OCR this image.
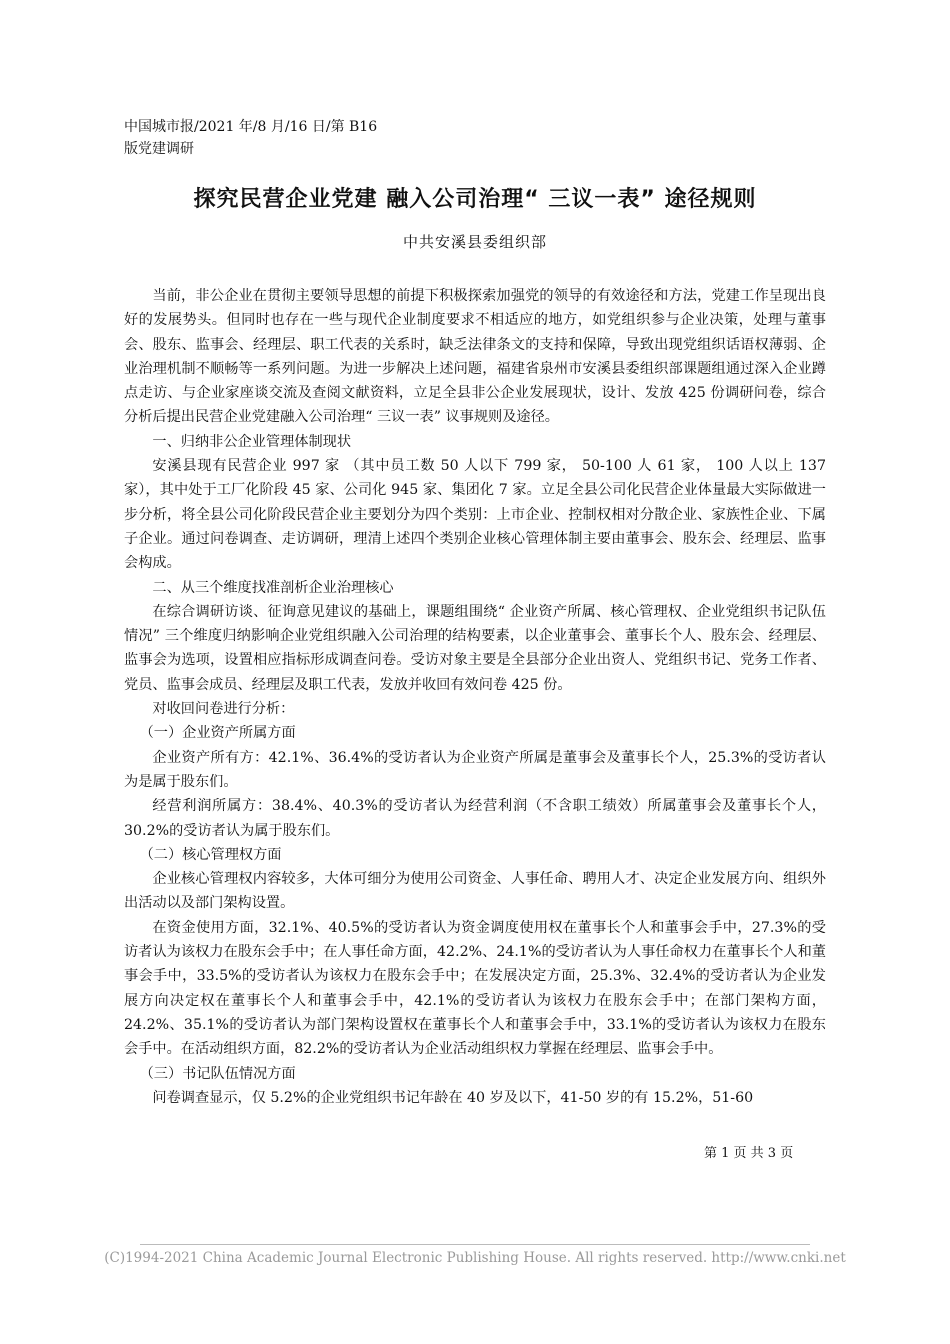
中国城市报/2021 年/8 月/16 日/第 B16
版党建调研
探究民营企业党建 融入公司治理“ 三议一表” 途径规则
中共安溪县委组织部

当前，非公企业在贯彻主要领导思想的前提下积极探索加强党的领导的有效途径和方法，党建工作呈现出良好的发展势头。但同时也存在一些与现代企业制度要求不相适应的地方，如党组织参与企业决策，处理与董事会、股东、监事会、经理层、职工代表的关系时，缺乏法律条文的支持和保障，导致出现党组织话语权薄弱、企业治理机制不顺畅等一系列问题。为进一步解决上述问题，福建省泉州市安溪县委组织部课题组通过深入企业蹲点走访、与企业家座谈交流及查阅文献资料，立足全县非公企业发展现状，设计、发放 425 份调研问卷，综合分析后提出民营企业党建融入公司治理“ 三议一表” 议事规则及途径。

一、归纳非公企业管理体制现状

安溪县现有民营企业 997 家 （其中员工数 50 人以下 799 家， 50-100 人 61 家， 100 人以上 137 家），其中处于工厂化阶段 45 家、公司化 945 家、集团化 7 家。立足全县公司化民营企业体量最大实际做进一步分析，将全县公司化阶段民营企业主要划分为四个类别：上市企业、控制权相对分散企业、家族性企业、下属子企业。通过问卷调查、走访调研，理清上述四个类别企业核心管理体制主要由董事会、股东会、经理层、监事会构成。

二、从三个维度找准剖析企业治理核心

在综合调研访谈、征询意见建议的基础上，课题组围绕“ 企业资产所属、核心管理权、企业党组织书记队伍情况” 三个维度归纳影响企业党组织融入公司治理的结构要素，以企业董事会、董事长个人、股东会、经理层、监事会为选项，设置相应指标形成调查问卷。受访对象主要是全县部分企业出资人、党组织书记、党务工作者、党员、监事会成员、经理层及职工代表，发放并收回有效问卷 425 份。

对收回问卷进行分析：

（一）企业资产所属方面

企业资产所有方：42.1%、36.4%的受访者认为企业资产所属是董事会及董事长个人，25.3%的受访者认为是属于股东们。

经营利润所属方：38.4%、40.3%的受访者认为经营利润（不含职工绩效）所属董事会及董事长个人，30.2%的受访者认为属于股东们。

（二）核心管理权方面

企业核心管理权内容较多，大体可细分为使用公司资金、人事任命、聘用人才、决定企业发展方向、组织外出活动以及部门架构设置。

在资金使用方面，32.1%、40.5%的受访者认为资金调度使用权在董事长个人和董事会手中，27.3%的受访者认为该权力在股东会手中；在人事任命方面，42.2%、24.1%的受访者认为人事任命权力在董事长个人和董事会手中，33.5%的受访者认为该权力在股东会手中；在发展决定方面，25.3%、32.4%的受访者认为企业发展方向决定权在董事长个人和董事会手中，42.1%的受访者认为该权力在股东会手中；在部门架构方面，24.2%、35.1%的受访者认为部门架构设置权在董事长个人和董事会手中，33.1%的受访者认为该权力在股东会手中。在活动组织方面，82.2%的受访者认为企业活动组织权力掌握在经理层、监事会手中。

（三）书记队伍情况方面

问卷调查显示，仅 5.2%的企业党组织书记年龄在 40 岁及以下，41-50 岁的有 15.2%，51-60

第 1 页 共 3 页
(C)1994-2021 China Academic Journal Electronic Publishing House. All rights reserved. http://www.cnki.net
